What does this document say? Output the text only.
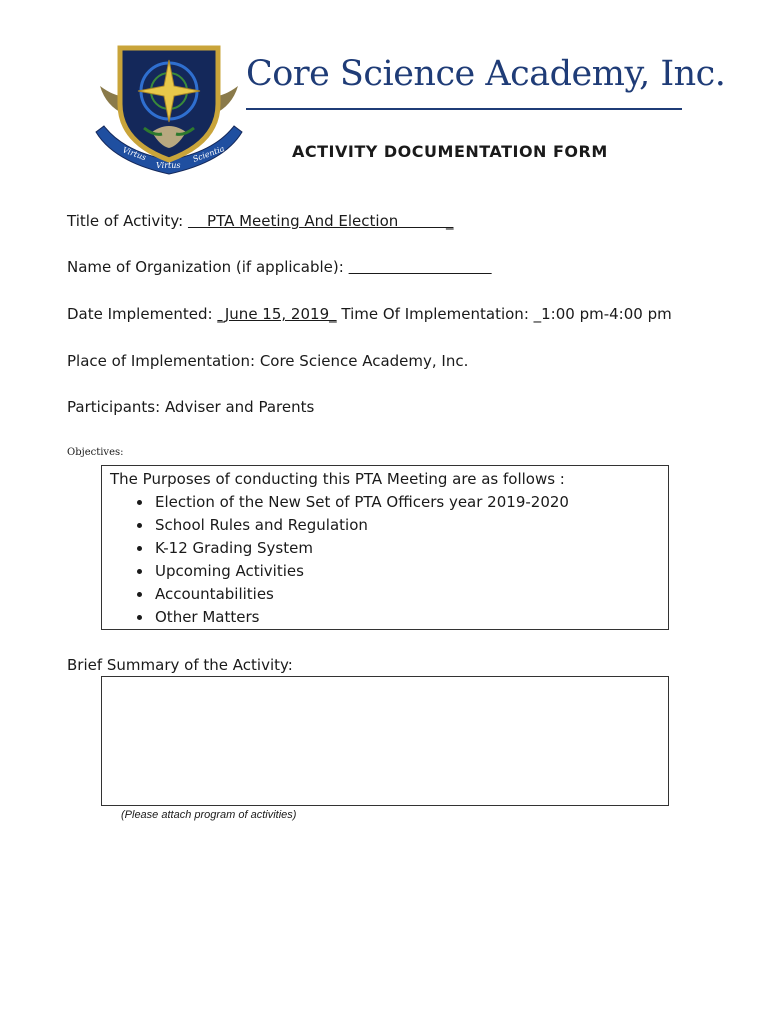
Virtus
Virtus
Scientia
Core Science Academy, Inc.
ACTIVITY DOCUMENTATION FORM
Title of Activity:     PTA Meeting And Election          _
Name of Organization (if applicable):
Date Implemented: _June 15, 2019_ Time Of Implementation: _1:00 pm-4:00 pm
Place of Implementation: Core Science Academy, Inc.
Participants: Adviser and Parents
Objectives:
The Purposes of conducting this PTA Meeting are as follows :
• Election of the New Set of PTA Officers year 2019-2020
• School Rules and Regulation
• K-12 Grading System
• Upcoming Activities
• Accountabilities
• Other Matters
Brief Summary of the Activity:
(Please attach program of activities)
